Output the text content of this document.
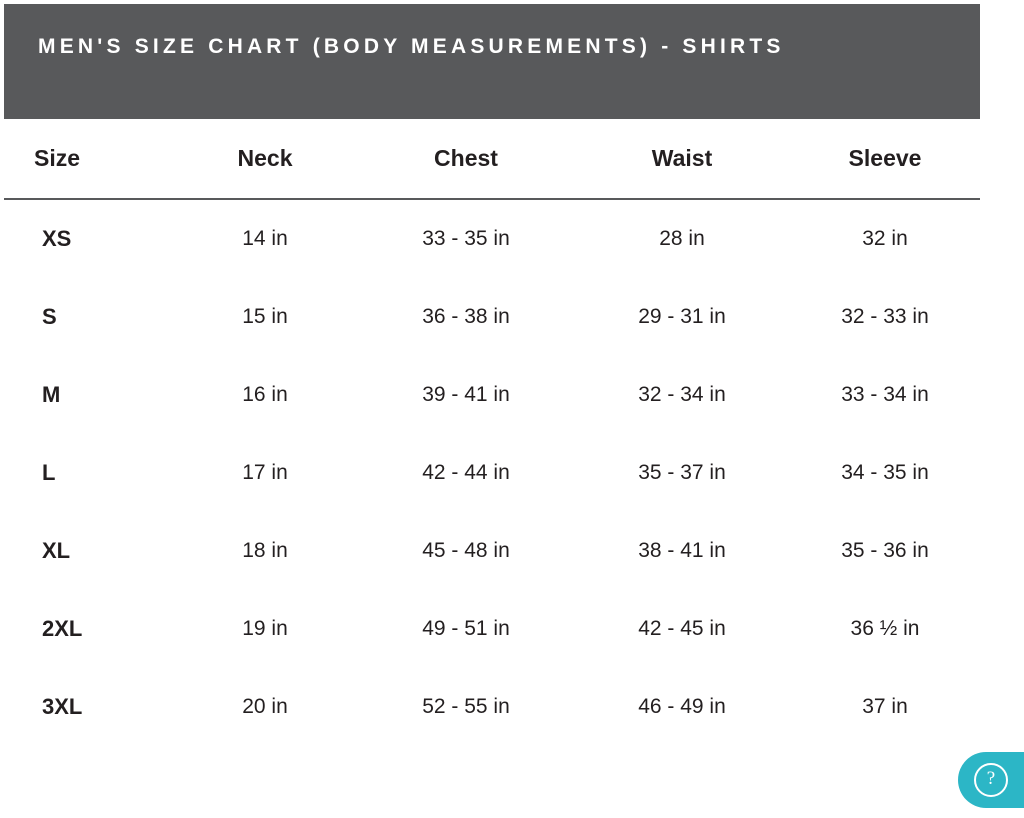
MEN'S SIZE CHART (BODY MEASUREMENTS) - SHIRTS
Size	Neck	Chest	Waist	Sleeve
XS	14 in	33 - 35 in	28 in	32 in
S	15 in	36 - 38 in	29 - 31 in	32 - 33 in
M	16 in	39 - 41 in	32 - 34 in	33 - 34 in
L	17 in	42 - 44 in	35 - 37 in	34 - 35 in
XL	18 in	45 - 48 in	38 - 41 in	35 - 36 in
2XL	19 in	49 - 51 in	42 - 45 in	36 ½ in
3XL	20 in	52 - 55 in	46 - 49 in	37 in
?
